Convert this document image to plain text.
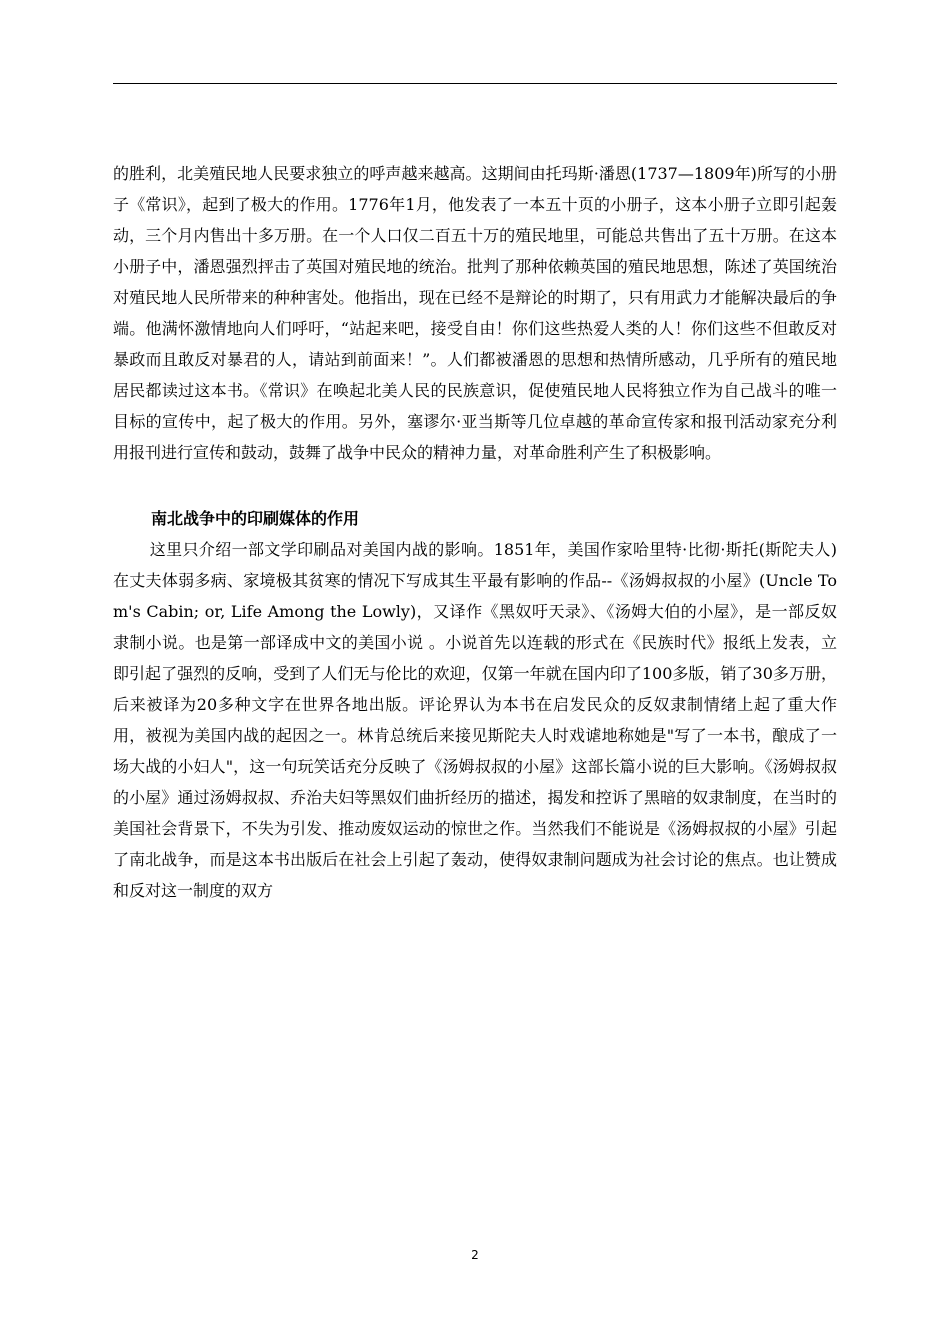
的胜利，北美殖民地人民要求独立的呼声越来越高。这期间由托玛斯·潘恩(1737—1809年)所写的小册子《常识》，起到了极大的作用。1776年1月，他发表了一本五十页的小册子，这本小册子立即引起轰动，三个月内售出十多万册。在一个人口仅二百五十万的殖民地里，可能总共售出了五十万册。在这本小册子中，潘恩强烈抨击了英国对殖民地的统治。批判了那种依赖英国的殖民地思想，陈述了英国统治对殖民地人民所带来的种种害处。他指出，现在已经不是辩论的时期了，只有用武力才能解决最后的争端。他满怀激情地向人们呼吁，“站起来吧，接受自由！你们这些热爱人类的人！你们这些不但敢反对暴政而且敢反对暴君的人，请站到前面来！”。人们都被潘恩的思想和热情所感动，几乎所有的殖民地居民都读过这本书。《常识》在唤起北美人民的民族意识，促使殖民地人民将独立作为自己战斗的唯一目标的宣传中，起了极大的作用。另外，塞谬尔·亚当斯等几位卓越的革命宣传家和报刊活动家充分利用报刊进行宣传和鼓动，鼓舞了战争中民众的精神力量，对革命胜利产生了积极影响。

南北战争中的印刷媒体的作用

这里只介绍一部文学印刷品对美国内战的影响。1851年，美国作家哈里特·比彻·斯托(斯陀夫人)在丈夫体弱多病、家境极其贫寒的情况下写成其生平最有影响的作品--《汤姆叔叔的小屋》(Uncle Tom's Cabin; or, Life Among the Lowly)，又译作《黑奴吁天录》、《汤姆大伯的小屋》，是一部反奴隶制小说。也是第一部译成中文的美国小说 。小说首先以连载的形式在《民族时代》报纸上发表，立即引起了强烈的反响，受到了人们无与伦比的欢迎，仅第一年就在国内印了100多版，销了30多万册，后来被译为20多种文字在世界各地出版。评论界认为本书在启发民众的反奴隶制情绪上起了重大作用，被视为美国内战的起因之一。林肯总统后来接见斯陀夫人时戏谑地称她是"写了一本书，酿成了一场大战的小妇人"，这一句玩笑话充分反映了《汤姆叔叔的小屋》这部长篇小说的巨大影响。《汤姆叔叔的小屋》通过汤姆叔叔、乔治夫妇等黑奴们曲折经历的描述，揭发和控诉了黑暗的奴隶制度，在当时的美国社会背景下，不失为引发、推动废奴运动的惊世之作。当然我们不能说是《汤姆叔叔的小屋》引起了南北战争，而是这本书出版后在社会上引起了轰动，使得奴隶制问题成为社会讨论的焦点。也让赞成和反对这一制度的双方

2
